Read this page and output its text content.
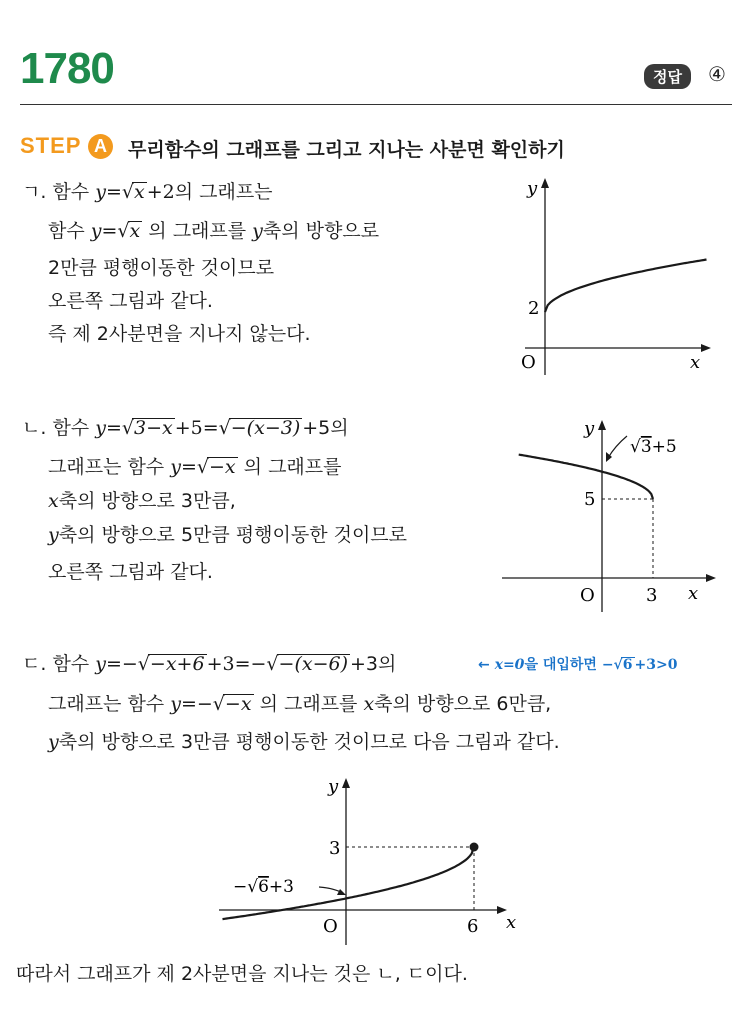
1780	정답	④
STEP A	무리함수의 그래프를 그리고 지나는 사분면 확인하기
ㄱ. 함수 y=√x +2의 그래프는
함수 y=√x 의 그래프를 y축의 방향으로
2만큼 평행이동한 것이므로
오른쪽 그림과 같다.
즉 제 2사분면을 지나지 않는다.
y
x
O
2
ㄴ. 함수 y=√3−x +5=√−(x−3) +5의
그래프는 함수 y=√−x 의 그래프를
x축의 방향으로 3만큼,
y축의 방향으로 5만큼 평행이동한 것이므로
오른쪽 그림과 같다.
√3+5
y
x
O
5
3
ㄷ. 함수 y=−√−x+6 +3=−√−(x−6) +3의	← x=0을 대입하면 −√6 +3>0
그래프는 함수 y=−√−x 의 그래프를 x축의 방향으로 6만큼,
y축의 방향으로 3만큼 평행이동한 것이므로 다음 그림과 같다.
−√6+3
y
x
O
3
6
따라서 그래프가 제 2사분면을 지나는 것은 ㄴ, ㄷ이다.
